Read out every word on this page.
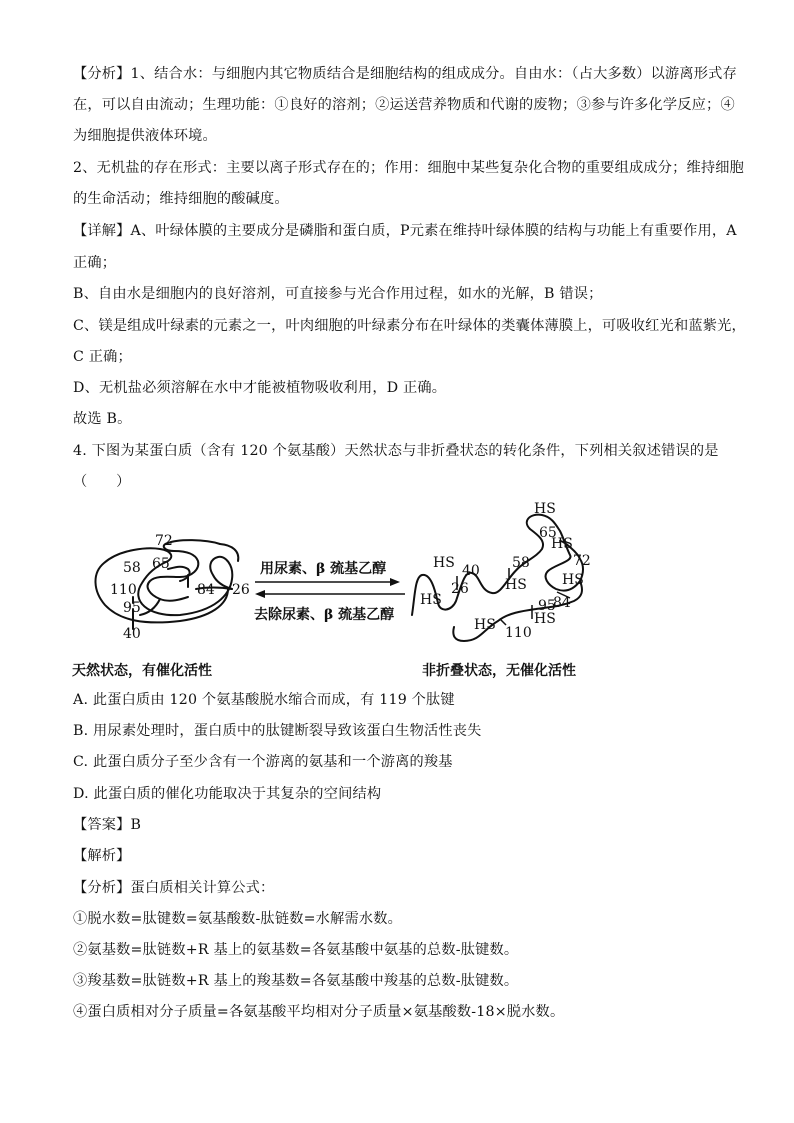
【分析】1、结合水：与细胞内其它物质结合是细胞结构的组成成分。自由水：（占大多数）以游离形式存
在，可以自由流动；生理功能：①良好的溶剂；②运送营养物质和代谢的废物；③参与许多化学反应；④
为细胞提供液体环境。
2、无机盐的存在形式：主要以离子形式存在的；作用：细胞中某些复杂化合物的重要组成成分；维持细胞
的生命活动；维持细胞的酸碱度。
【详解】A、叶绿体膜的主要成分是磷脂和蛋白质，P元素在维持叶绿体膜的结构与功能上有重要作用，A
正确；
B、自由水是细胞内的良好溶剂，可直接参与光合作用过程，如水的光解，B 错误；
C、镁是组成叶绿素的元素之一，叶肉细胞的叶绿素分布在叶绿体的类囊体薄膜上，可吸收红光和蓝紫光，
C 正确；
D、无机盐必须溶解在水中才能被植物吸收利用，D 正确。
故选 B。
4. 下图为某蛋白质（含有 120 个氨基酸）天然状态与非折叠状态的转化条件，下列相关叙述错误的是
（　　）
72
58 65
110	84 26
95
40
用尿素、β 巯基乙醇
去除尿素、β 巯基乙醇
HS
65
HS
72
58
HS
HS 40
26
HS
HS
84
95
HS
HS 110
天然状态，有催化活性	非折叠状态，无催化活性
A. 此蛋白质由 120 个氨基酸脱水缩合而成，有 119 个肽键
B. 用尿素处理时，蛋白质中的肽键断裂导致该蛋白生物活性丧失
C. 此蛋白质分子至少含有一个游离的氨基和一个游离的羧基
D. 此蛋白质的催化功能取决于其复杂的空间结构
【答案】B
【解析】
【分析】蛋白质相关计算公式：
①脱水数=肽键数=氨基酸数-肽链数=水解需水数。
②氨基数=肽链数+R 基上的氨基数=各氨基酸中氨基的总数-肽键数。
③羧基数=肽链数+R 基上的羧基数=各氨基酸中羧基的总数-肽键数。
④蛋白质相对分子质量=各氨基酸平均相对分子质量×氨基酸数-18×脱水数。
